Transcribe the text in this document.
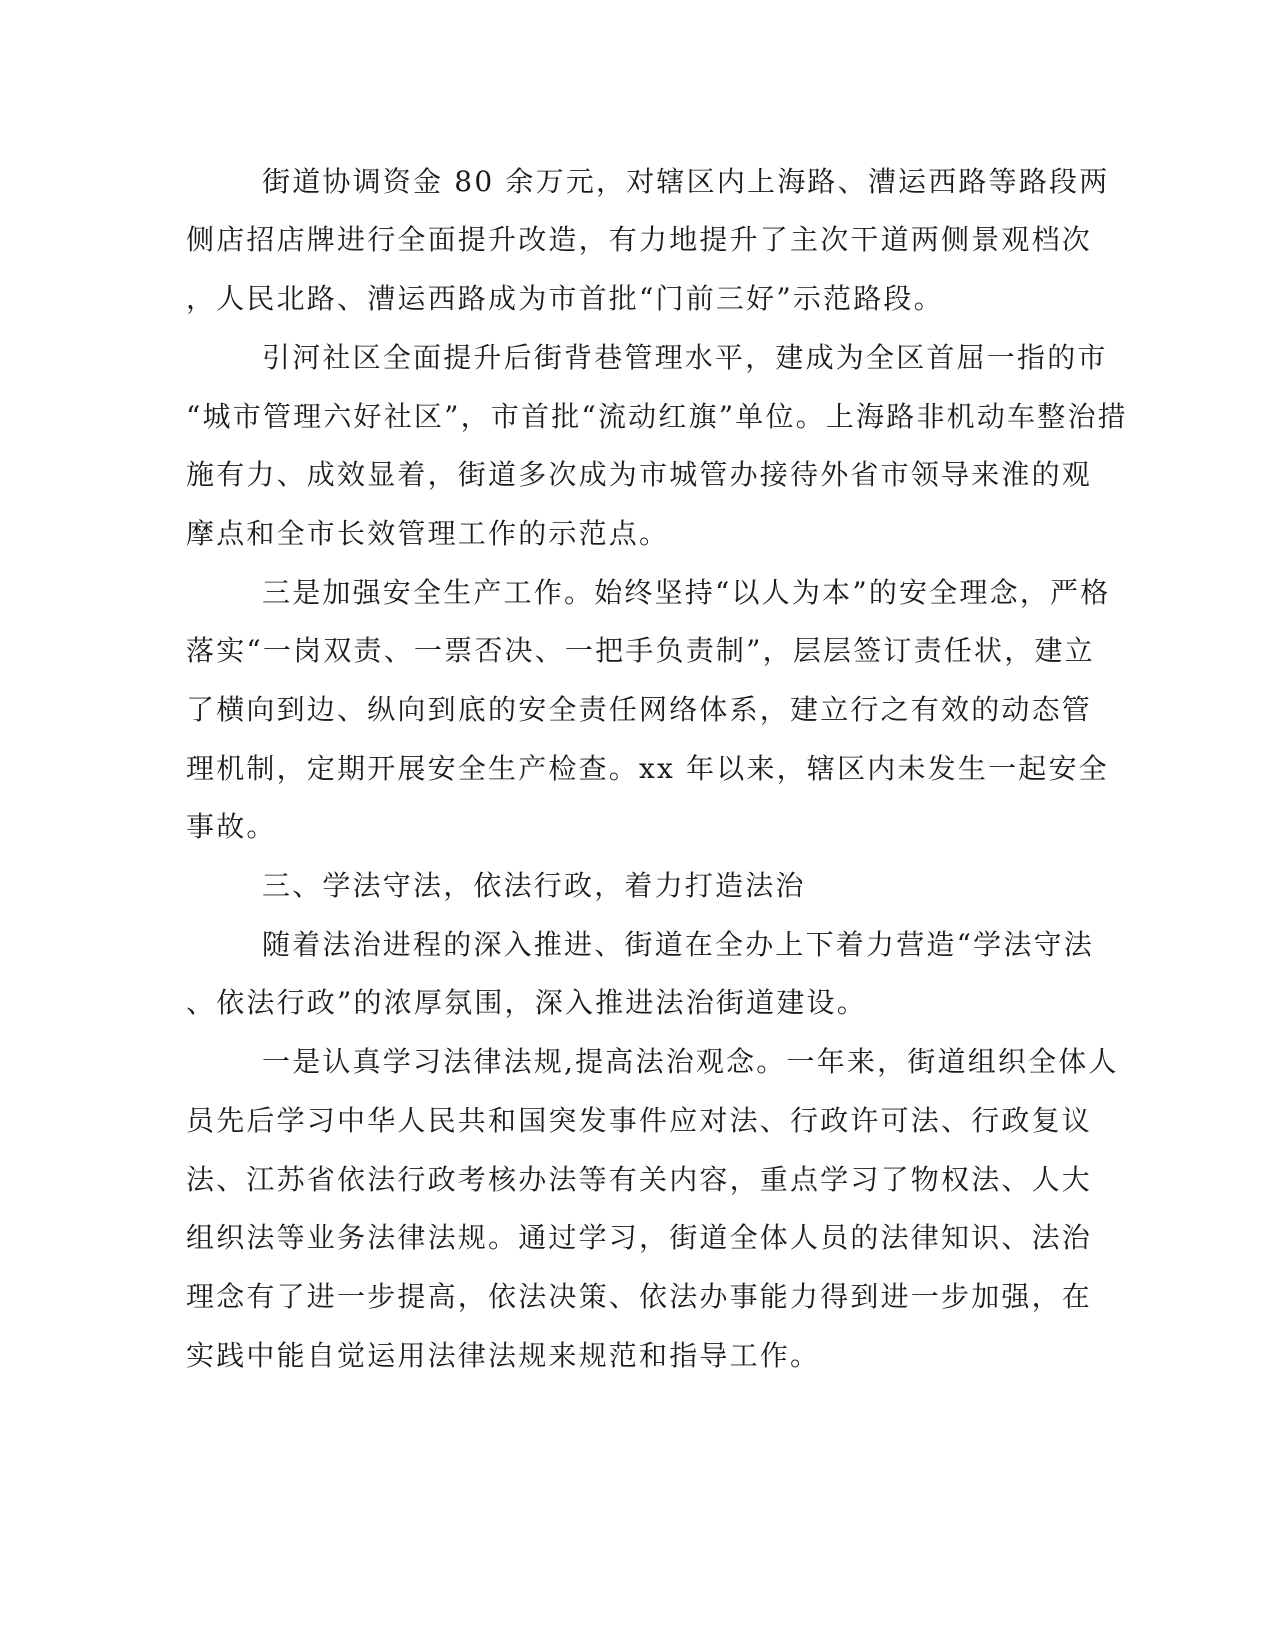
街道协调资金 80 余万元，对辖区内上海路、漕运西路等路段两
侧店招店牌进行全面提升改造，有力地提升了主次干道两侧景观档次
，人民北路、漕运西路成为市首批“门前三好”示范路段。
引河社区全面提升后街背巷管理水平，建成为全区首屈一指的市
“城市管理六好社区”，市首批“流动红旗”单位。上海路非机动车整治措
施有力、成效显着，街道多次成为市城管办接待外省市领导来淮的观
摩点和全市长效管理工作的示范点。
三是加强安全生产工作。始终坚持“以人为本”的安全理念，严格
落实“一岗双责、一票否决、一把手负责制”，层层签订责任状，建立
了横向到边、纵向到底的安全责任网络体系，建立行之有效的动态管
理机制，定期开展安全生产检查。xx 年以来，辖区内未发生一起安全
事故。
三、学法守法，依法行政，着力打造法治
随着法治进程的深入推进、街道在全办上下着力营造“学法守法
、依法行政”的浓厚氛围，深入推进法治街道建设。
一是认真学习法律法规,提高法治观念。一年来，街道组织全体人
员先后学习中华人民共和国突发事件应对法、行政许可法、行政复议
法、江苏省依法行政考核办法等有关内容，重点学习了物权法、人大
组织法等业务法律法规。通过学习，街道全体人员的法律知识、法治
理念有了进一步提高，依法决策、依法办事能力得到进一步加强，在
实践中能自觉运用法律法规来规范和指导工作。
